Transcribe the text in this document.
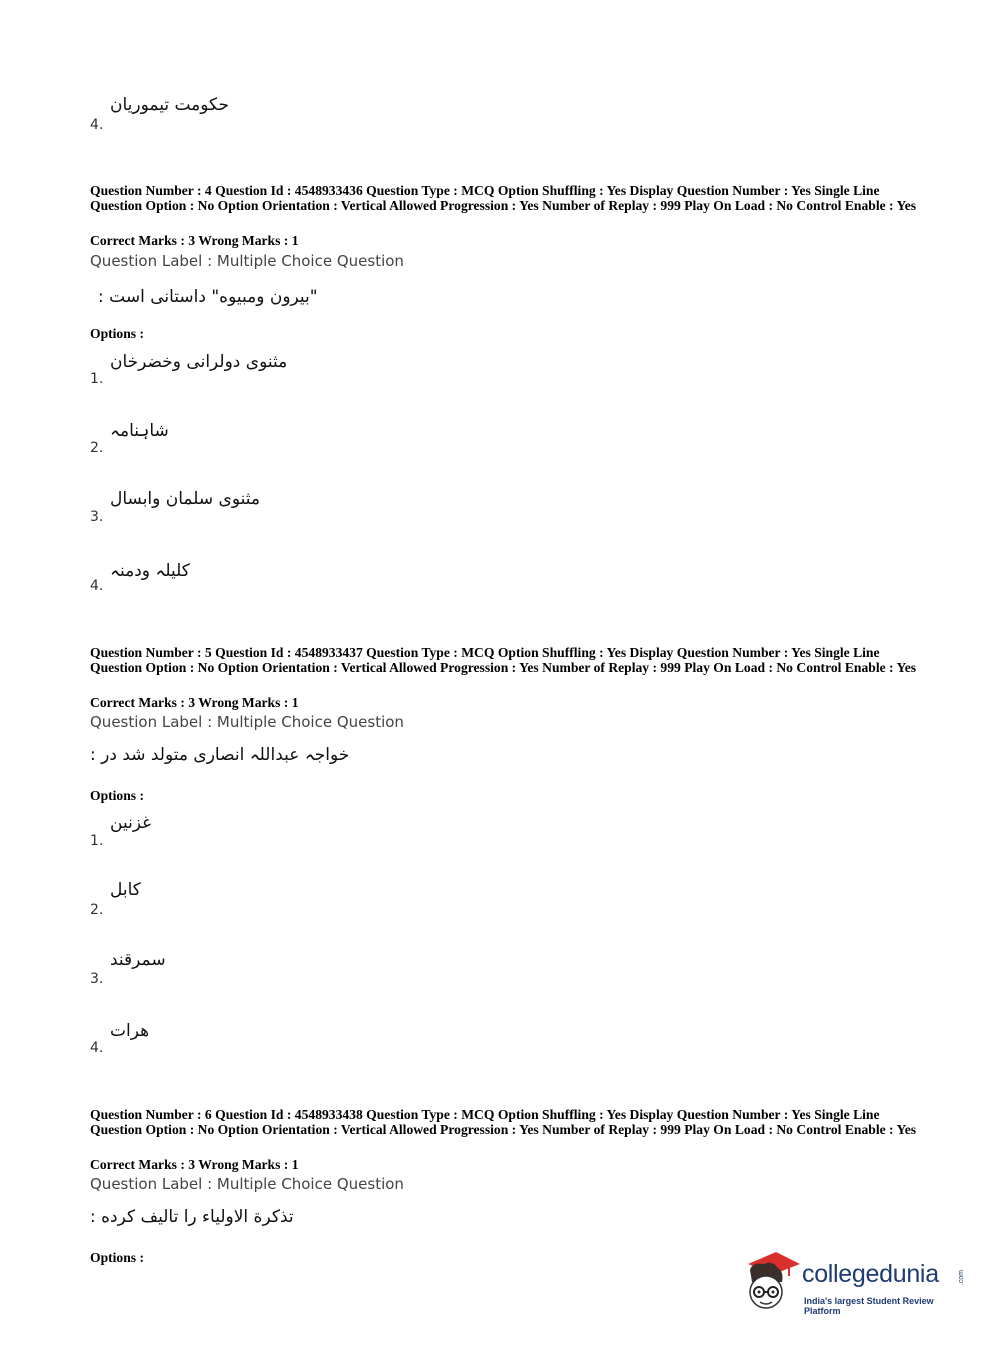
حکومت تیموریان
4.
Question Number : 4 Question Id : 4548933436 Question Type : MCQ Option Shuffling : Yes Display Question Number : Yes Single Line Question Option : No Option Orientation : Vertical Allowed Progression : Yes Number of Replay : 999 Play On Load : No Control Enable : Yes
Correct Marks : 3 Wrong Marks : 1
Question Label : Multiple Choice Question
"بیرون ومبیوه" داستانی است :
Options :
مثنوی دولرانی وخضرخان
1.
شاہنامہ
2.
مثنوی سلمان وابسال
3.
کلیلہ ودمنہ
4.
Question Number : 5 Question Id : 4548933437 Question Type : MCQ Option Shuffling : Yes Display Question Number : Yes Single Line Question Option : No Option Orientation : Vertical Allowed Progression : Yes Number of Replay : 999 Play On Load : No Control Enable : Yes
Correct Marks : 3 Wrong Marks : 1
Question Label : Multiple Choice Question
خواجہ عبداللہ انصاری متولد شد در :
Options :
غزنین
1.
کابل
2.
سمرقند
3.
هرات
4.
Question Number : 6 Question Id : 4548933438 Question Type : MCQ Option Shuffling : Yes Display Question Number : Yes Single Line Question Option : No Option Orientation : Vertical Allowed Progression : Yes Number of Replay : 999 Play On Load : No Control Enable : Yes
Correct Marks : 3 Wrong Marks : 1
Question Label : Multiple Choice Question
تذکرة الاولیاء را تالیف کرده :
Options :
collegedunia	.com
India's largest Student Review Platform
